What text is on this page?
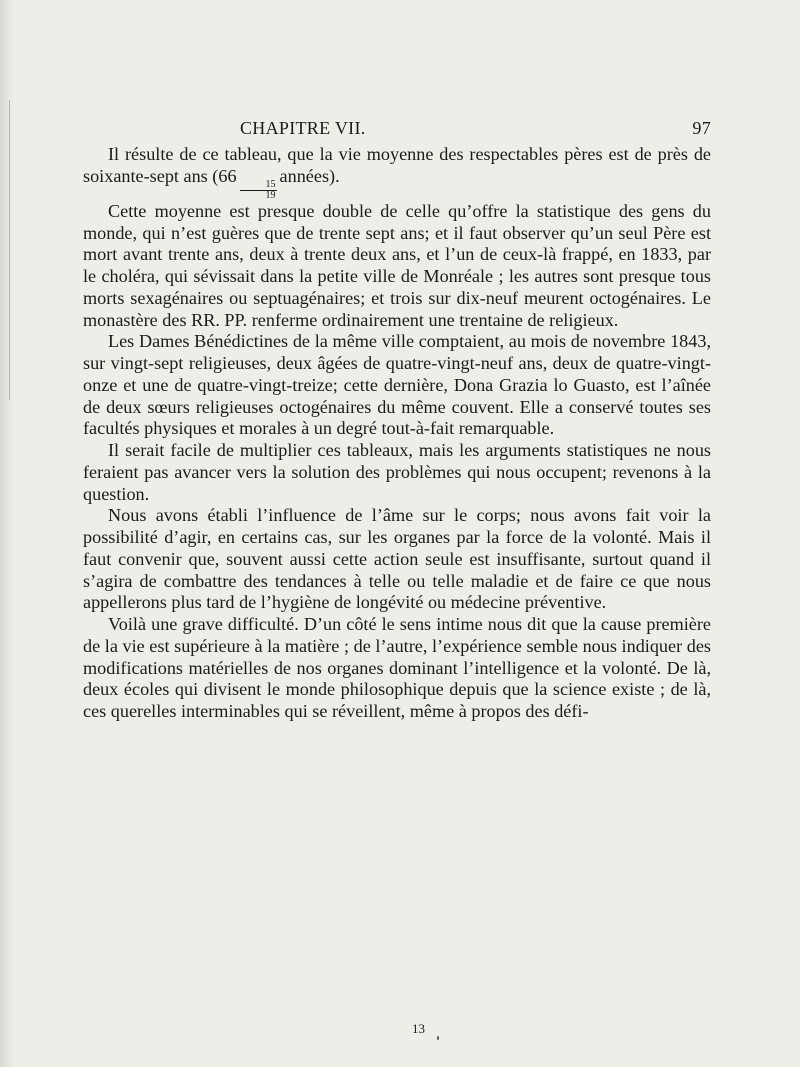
CHAPITRE VII.	97

Il résulte de ce tableau, que la vie moyenne des respectables pères est de près de soixante-sept ans (66
$\frac{15}{19}$
années).

Cette moyenne est presque double de celle qu’offre la statistique des gens du monde, qui n’est guères que de trente sept ans; et il faut observer qu’un seul Père est mort avant trente ans, deux à trente deux ans, et l’un de ceux-là frappé, en 1833, par le choléra, qui sévissait dans la petite ville de Monréale ; les autres sont presque tous morts sexagénaires ou septuagénaires; et trois sur dix-neuf meurent octogénaires. Le monastère des RR. PP. renferme ordinairement une trentaine de religieux.

Les Dames Bénédictines de la même ville comptaient, au mois de novembre 1843, sur vingt-sept religieuses, deux âgées de quatre-vingt-neuf ans, deux de quatre-vingt-onze et une de quatre-vingt-treize; cette dernière, Dona Grazia lo Guasto, est l’aînée de deux sœurs religieuses octogénaires du même couvent. Elle a conservé toutes ses facultés physiques et morales à un degré tout-à-fait remarquable.

Il serait facile de multiplier ces tableaux, mais les arguments statistiques ne nous feraient pas avancer vers la solution des problèmes qui nous occupent; revenons à la question.

Nous avons établi l’influence de l’âme sur le corps; nous avons fait voir la possibilité d’agir, en certains cas, sur les organes par la force de la volonté. Mais il faut convenir que, souvent aussi cette action seule est insuffisante, surtout quand il s’agira de combattre des tendances à telle ou telle maladie et de faire ce que nous appellerons plus tard de l’hygiène de longévité ou médecine préventive.

Voilà une grave difficulté. D’un côté le sens intime nous dit que la cause première de la vie est supérieure à la matière ; de l’autre, l’expérience semble nous indiquer des modifications matérielles de nos organes dominant l’intelligence et la volonté. De là, deux écoles qui divisent le monde philosophique depuis que la science existe ; de là, ces querelles interminables qui se réveillent, même à propos des défi-

13
